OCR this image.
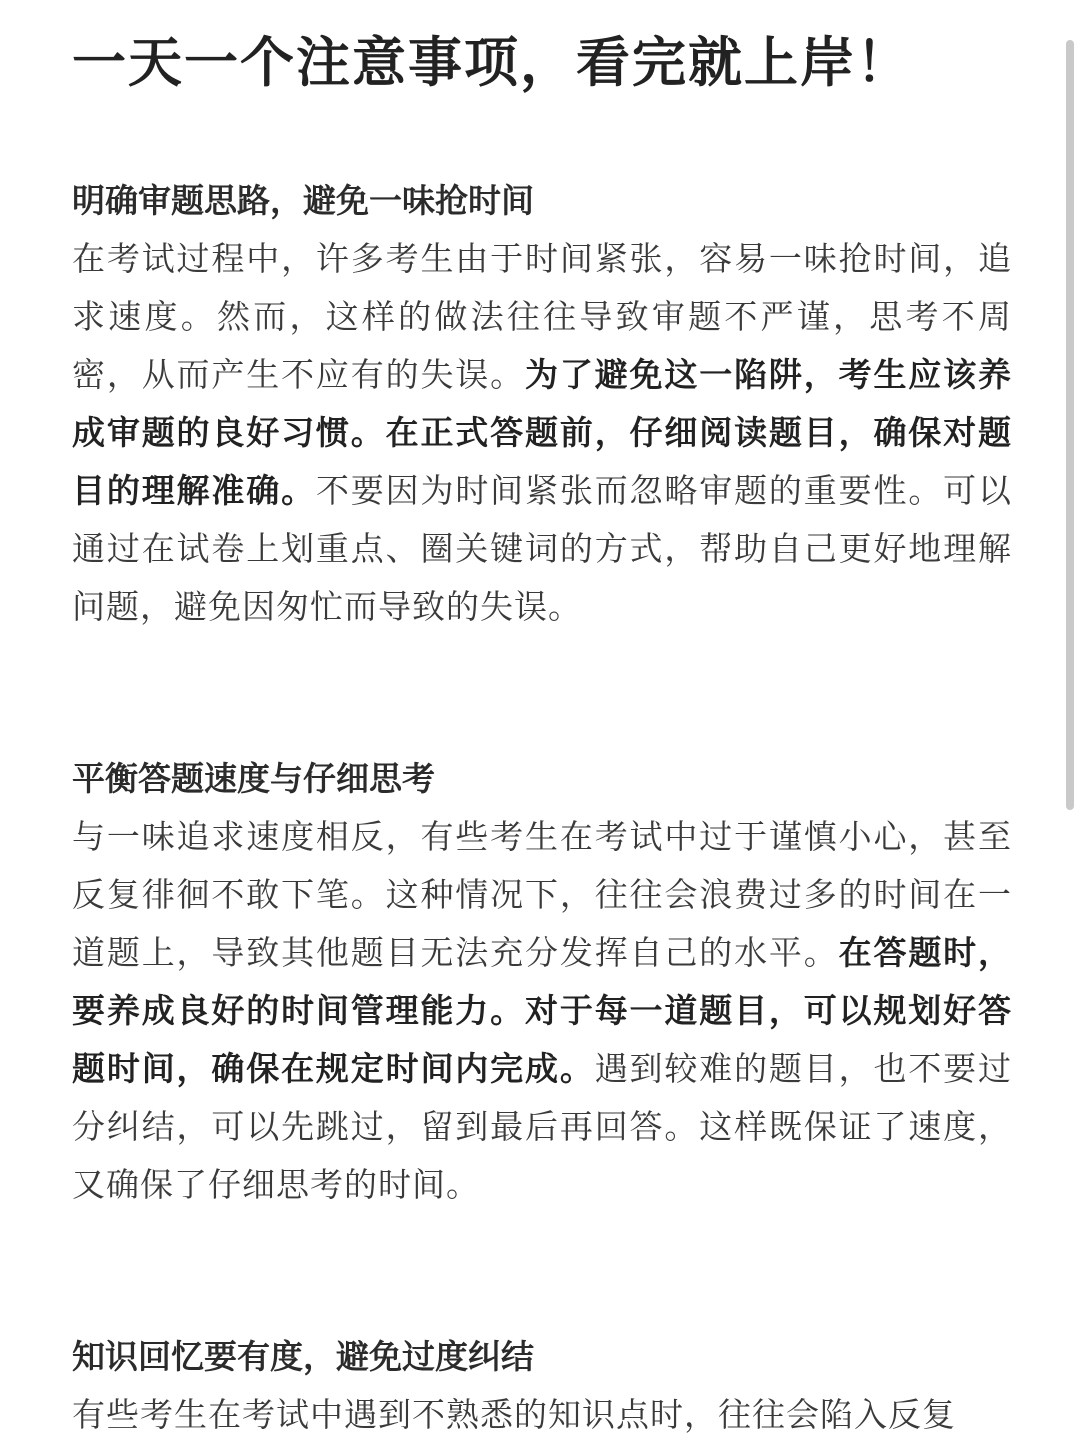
一天一个注意事项，看完就上岸！
明确审题思路，避免一味抢时间

在考试过程中，许多考生由于时间紧张，容易一味抢时间，追求速度。然而，这样的做法往往导致审题不严谨，思考不周密，从而产生不应有的失误。为了避免这一陷阱，考生应该养成审题的良好习惯。在正式答题前，仔细阅读题目，确保对题目的理解准确。不要因为时间紧张而忽略审题的重要性。可以通过在试卷上划重点、圈关键词的方式，帮助自己更好地理解问题，避免因匆忙而导致的失误。

平衡答题速度与仔细思考

与一味追求速度相反，有些考生在考试中过于谨慎小心，甚至反复徘徊不敢下笔。这种情况下，往往会浪费过多的时间在一道题上，导致其他题目无法充分发挥自己的水平。在答题时，要养成良好的时间管理能力。对于每一道题目，可以规划好答题时间，确保在规定时间内完成。遇到较难的题目，也不要过分纠结，可以先跳过，留到最后再回答。这样既保证了速度，又确保了仔细思考的时间。

知识回忆要有度，避免过度纠结

有些考生在考试中遇到不熟悉的知识点时，往往会陷入反复
